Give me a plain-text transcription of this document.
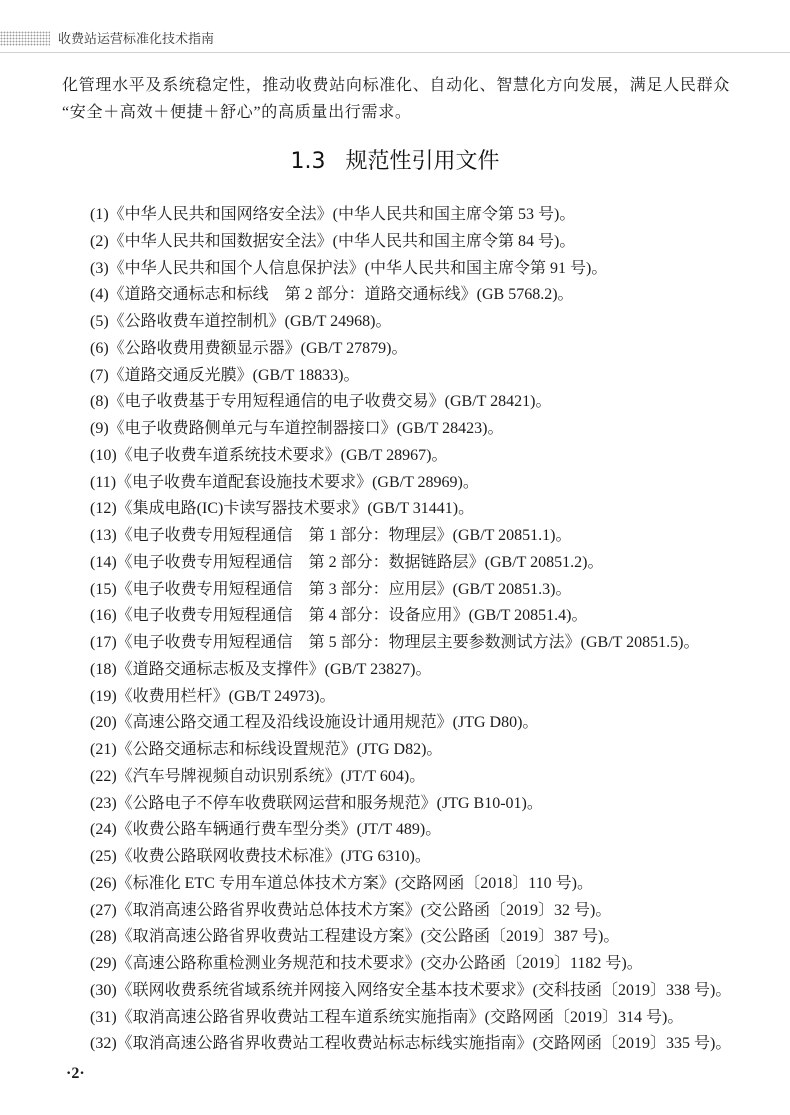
收费站运营标准化技术指南
化管理水平及系统稳定性，推动收费站向标准化、自动化、智慧化方向发展，满足人民群众
“安全＋高效＋便捷＋舒心”的高质量出行需求。
1.3 规范性引用文件
(1)《中华人民共和国网络安全法》(中华人民共和国主席令第 53 号)。
(2)《中华人民共和国数据安全法》(中华人民共和国主席令第 84 号)。
(3)《中华人民共和国个人信息保护法》(中华人民共和国主席令第 91 号)。
(4)《道路交通标志和标线　第 2 部分：道路交通标线》(GB 5768.2)。
(5)《公路收费车道控制机》(GB/T 24968)。
(6)《公路收费用费额显示器》(GB/T 27879)。
(7)《道路交通反光膜》(GB/T 18833)。
(8)《电子收费基于专用短程通信的电子收费交易》(GB/T 28421)。
(9)《电子收费路侧单元与车道控制器接口》(GB/T 28423)。
(10)《电子收费车道系统技术要求》(GB/T 28967)。
(11)《电子收费车道配套设施技术要求》(GB/T 28969)。
(12)《集成电路(IC)卡读写器技术要求》(GB/T 31441)。
(13)《电子收费专用短程通信　第 1 部分：物理层》(GB/T 20851.1)。
(14)《电子收费专用短程通信　第 2 部分：数据链路层》(GB/T 20851.2)。
(15)《电子收费专用短程通信　第 3 部分：应用层》(GB/T 20851.3)。
(16)《电子收费专用短程通信　第 4 部分：设备应用》(GB/T 20851.4)。
(17)《电子收费专用短程通信　第 5 部分：物理层主要参数测试方法》(GB/T 20851.5)。
(18)《道路交通标志板及支撑件》(GB/T 23827)。
(19)《收费用栏杆》(GB/T 24973)。
(20)《高速公路交通工程及沿线设施设计通用规范》(JTG D80)。
(21)《公路交通标志和标线设置规范》(JTG D82)。
(22)《汽车号牌视频自动识别系统》(JT/T 604)。
(23)《公路电子不停车收费联网运营和服务规范》(JTG B10-01)。
(24)《收费公路车辆通行费车型分类》(JT/T 489)。
(25)《收费公路联网收费技术标准》(JTG 6310)。
(26)《标准化 ETC 专用车道总体技术方案》(交路网函〔2018〕110 号)。
(27)《取消高速公路省界收费站总体技术方案》(交公路函〔2019〕32 号)。
(28)《取消高速公路省界收费站工程建设方案》(交公路函〔2019〕387 号)。
(29)《高速公路称重检测业务规范和技术要求》(交办公路函〔2019〕1182 号)。
(30)《联网收费系统省域系统并网接入网络安全基本技术要求》(交科技函〔2019〕338 号)。
(31)《取消高速公路省界收费站工程车道系统实施指南》(交路网函〔2019〕314 号)。
(32)《取消高速公路省界收费站工程收费站标志标线实施指南》(交路网函〔2019〕335 号)。
·2·
